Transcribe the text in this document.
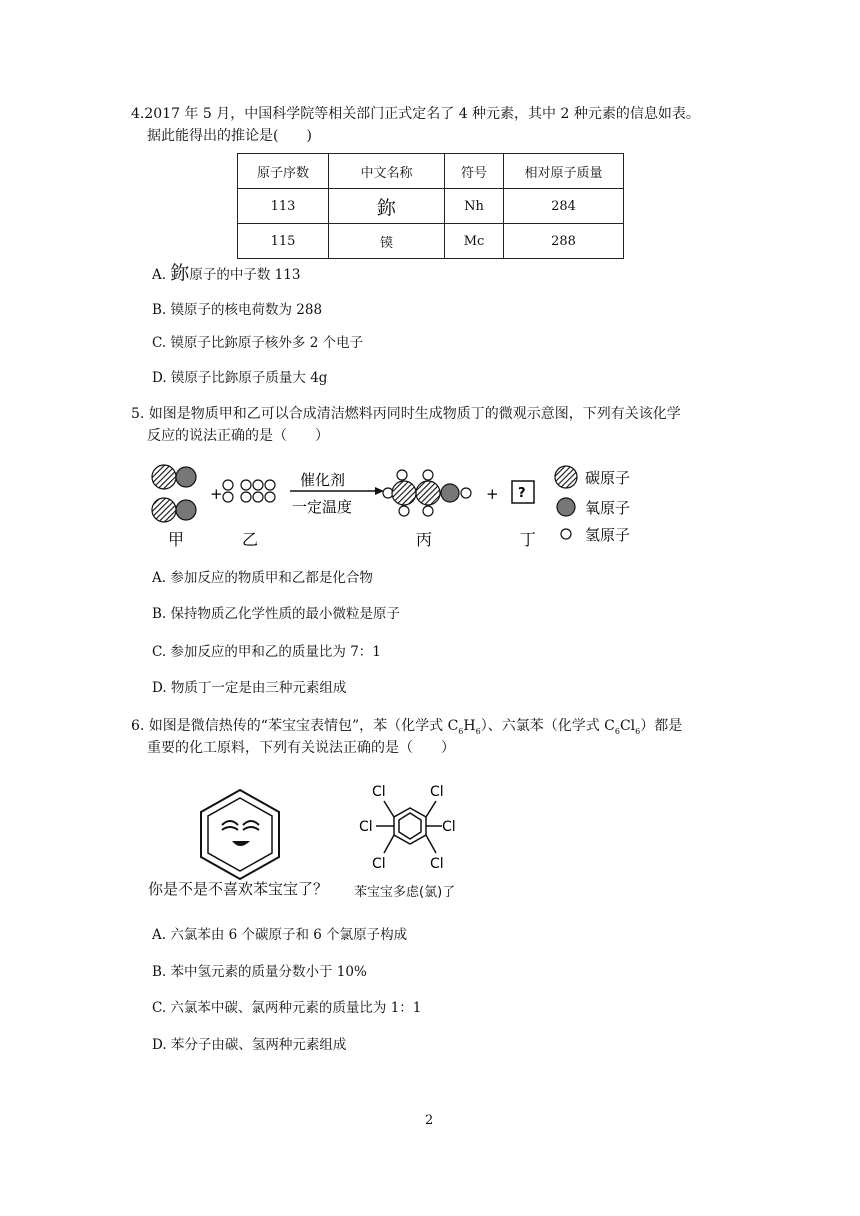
4.2017 年 5 月，中国科学院等相关部门正式定名了 4 种元素，其中 2 种元素的信息如表。
据此能得出的推论是(　　)
原子序数	中文名称	符号	相对原子质量
113	鉨	Nh	284
115	镆	Mc	288
A. 鉨原子的中子数 113
B. 镆原子的核电荷数为 288
C. 镆原子比鉨原子核外多 2 个电子
D. 镆原子比鉨原子质量大 4g
5. 如图是物质甲和乙可以合成清洁燃料丙同时生成物质丁的微观示意图，下列有关该化学
反应的说法正确的是（　　）
+
催化剂
一定温度
+ ?
碳原子
氧原子
氢原子
甲	乙	丙	丁
A. 参加反应的物质甲和乙都是化合物
B. 保持物质乙化学性质的最小微粒是原子
C. 参加反应的甲和乙的质量比为 7：1
D. 物质丁一定是由三种元素组成
6. 如图是微信热传的“苯宝宝表情包”，苯（化学式 $C_6H_6$）、六氯苯（化学式 $C_6Cl_6$）都是
重要的化工原料，下列有关说法正确的是（　　）
Cl	Cl
Cl	Cl
Cl	Cl
你是不是不喜欢苯宝宝了？ 苯宝宝多虑(氯)了
A. 六氯苯由 6 个碳原子和 6 个氯原子构成
B. 苯中氢元素的质量分数小于 10%
C. 六氯苯中碳、氯两种元素的质量比为 1：1
D. 苯分子由碳、氢两种元素组成
2
